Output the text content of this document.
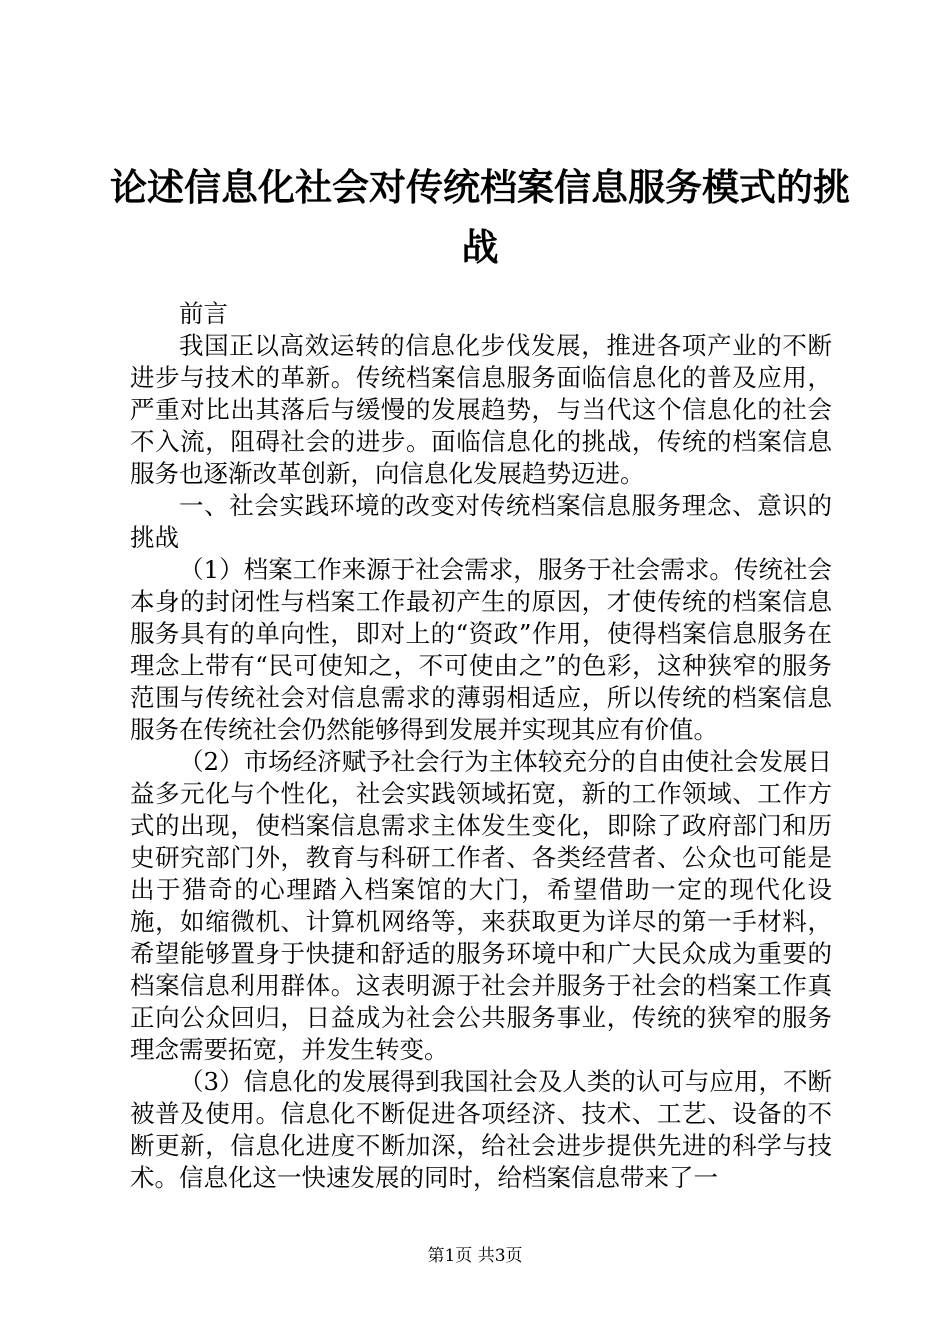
论述信息化社会对传统档案信息服务模式的挑战

前言

我国正以高效运转的信息化步伐发展，推进各项产业的不断进步与技术的革新。传统档案信息服务面临信息化的普及应用，严重对比出其落后与缓慢的发展趋势，与当代这个信息化的社会不入流，阻碍社会的进步。面临信息化的挑战，传统的档案信息服务也逐渐改革创新，向信息化发展趋势迈进。

一、社会实践环境的改变对传统档案信息服务理念、意识的挑战

（1）档案工作来源于社会需求，服务于社会需求。传统社会本身的封闭性与档案工作最初产生的原因，才使传统的档案信息服务具有的单向性，即对上的“资政”作用，使得档案信息服务在理念上带有“民可使知之，不可使由之”的色彩，这种狭窄的服务范围与传统社会对信息需求的薄弱相适应，所以传统的档案信息服务在传统社会仍然能够得到发展并实现其应有价值。

（2）市场经济赋予社会行为主体较充分的自由使社会发展日益多元化与个性化，社会实践领域拓宽，新的工作领域、工作方式的出现，使档案信息需求主体发生变化，即除了政府部门和历史研究部门外，教育与科研工作者、各类经营者、公众也可能是出于猎奇的心理踏入档案馆的大门，希望借助一定的现代化设施，如缩微机、计算机网络等，来获取更为详尽的第一手材料，希望能够置身于快捷和舒适的服务环境中和广大民众成为重要的档案信息利用群体。这表明源于社会并服务于社会的档案工作真正向公众回归，日益成为社会公共服务事业，传统的狭窄的服务理念需要拓宽，并发生转变。

（3）信息化的发展得到我国社会及人类的认可与应用，不断被普及使用。信息化不断促进各项经济、技术、工艺、设备的不断更新，信息化进度不断加深，给社会进步提供先进的科学与技术。信息化这一快速发展的同时，给档案信息带来了一

第1页 共3页
